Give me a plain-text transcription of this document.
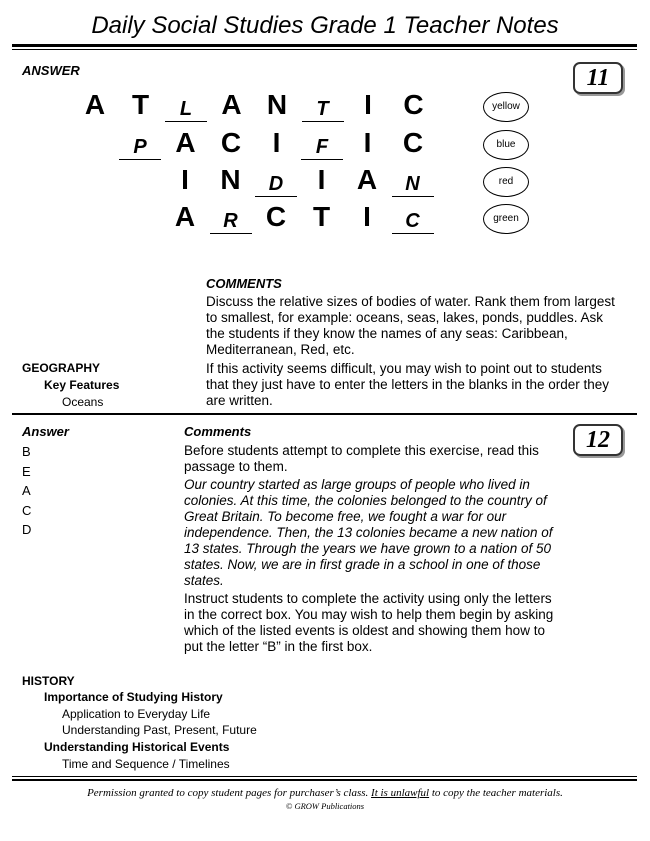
Daily Social Studies Grade 1 Teacher Notes
ANSWER	11
A T	L	A N	T	I	C
P	A C	I	F	I	C
I	N	D	I	A	N
A	R	C T	I	C
yellow
blue
red
green
COMMENTS
Discuss the relative sizes of bodies of water. Rank them from largest to smallest, for example: oceans, seas, lakes, ponds, puddles. Ask the students if they know the names of any seas: Caribbean, Mediterranean, Red, etc.
If this activity seems difficult, you may wish to point out to students that they just have to enter the letters in the blanks in the order they are written.
GEOGRAPHY
Key Features
Oceans
Answer	Comments	12
B
E
A
C
D
Before students attempt to complete this exercise, read this passage to them.
Our country started as large groups of people who lived in colonies. At this time, the colonies belonged to the country of Great Britain. To become free, we fought a war for our independence. Then, the 13 colonies became a new nation of 13 states. Through the years we have grown to a nation of 50 states. Now, we are in first grade in a school in one of those states.
Instruct students to complete the activity using only the letters in the correct box. You may wish to help them begin by asking which of the listed events is oldest and showing them how to put the letter “B” in the first box.
HISTORY
Importance of Studying History
Application to Everyday Life
Understanding Past, Present, Future
Understanding Historical Events
Time and Sequence / Timelines
Permission granted to copy student pages for purchaser’s class. It is unlawful to copy the teacher materials.
© GROW Publications
